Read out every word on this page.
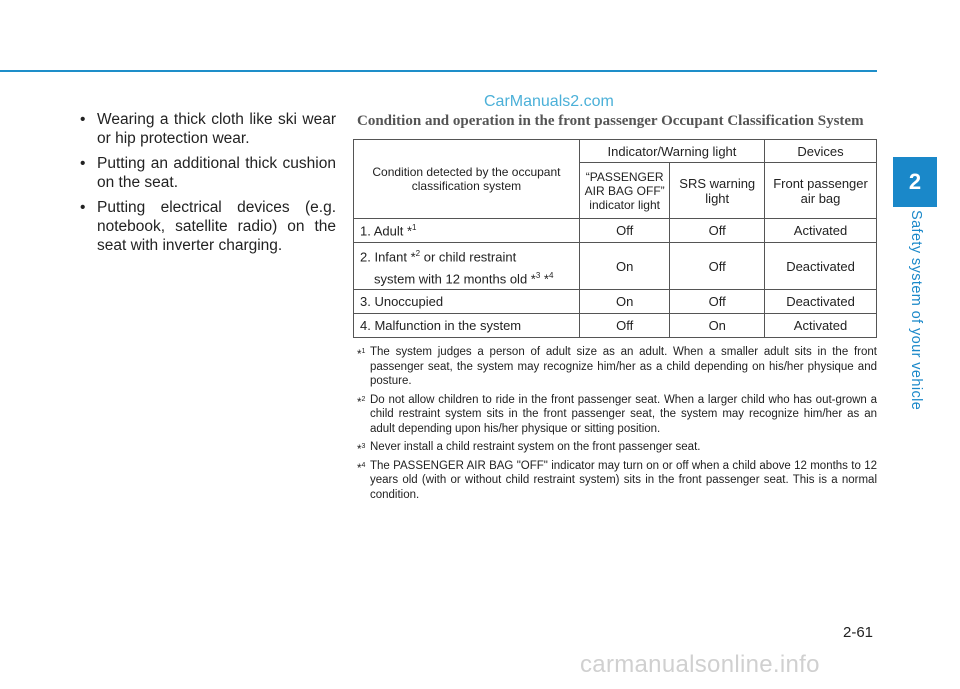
CarManuals2.com
• Wearing a thick cloth like ski wear or hip protection wear.
• Putting an additional thick cushion on the seat.
• Putting electrical devices (e.g. notebook, satellite radio) on the seat with inverter charging.
Condition and operation in the front passenger Occupant Classification System
Condition detected by the occupant classification system	Indicator/Warning light		Devices
	“PASSENGER AIR BAG OFF” indicator light	SRS warning light	Front passenger air bag
1. Adult *$^1$	Off	Off	Activated

2. Infant *$^2$ or child restraint
system with 12 months old *$^3$ *$^4$	On	Off	Deactivated
3. Unoccupied	On	Off	Deactivated
4. Malfunction in the system	Off	On	Activated
*$^1$ The system judges a person of adult size as an adult. When a smaller adult sits in the front passenger seat, the system may recognize him/her as a child depending on his/her physique and posture.
*$^2$ Do not allow children to ride in the front passenger seat. When a larger child who has out-grown a child restraint system sits in the front passenger seat, the system may recognize him/her as an adult depending upon his/her physique or sitting position.
*$^3$ Never install a child restraint system on the front passenger seat.
*$^4$ The PASSENGER AIR BAG "OFF" indicator may turn on or off when a child above 12 months to 12 years old (with or without child restraint system) sits in the front passenger seat. This is a normal condition.
2
Safety system of your vehicle
2-61
carmanualsonline.info
